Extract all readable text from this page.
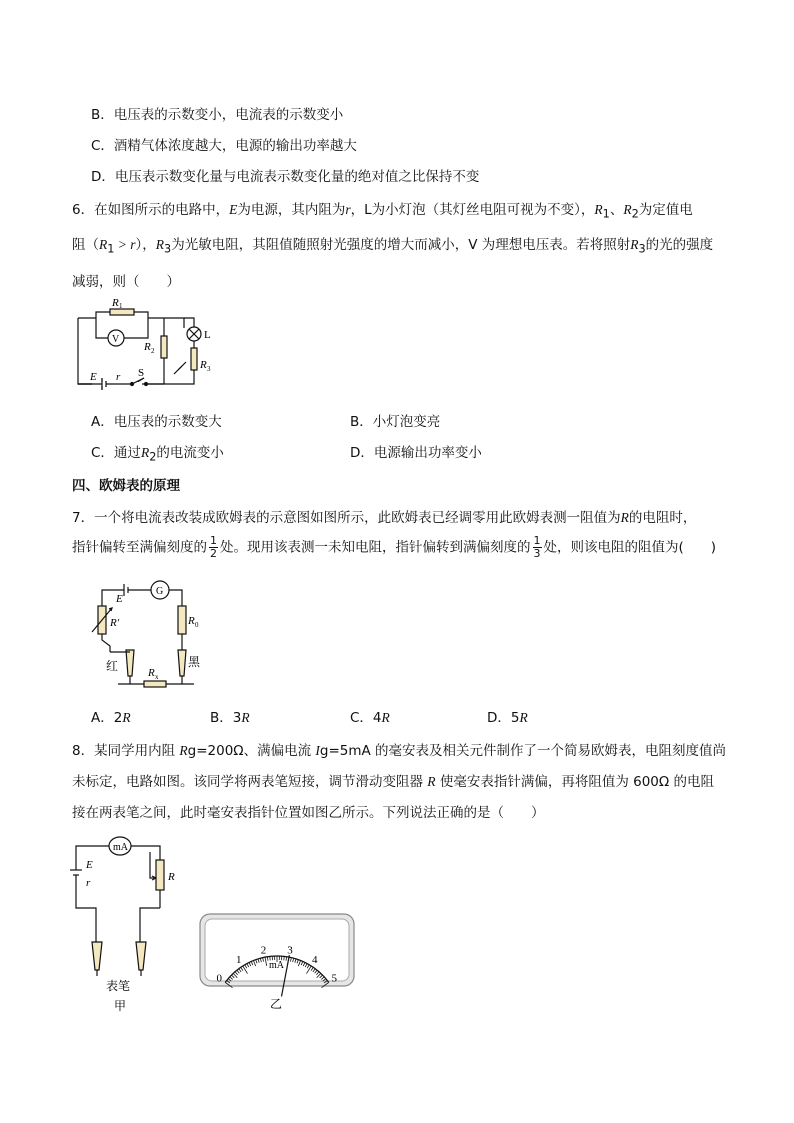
B．电压表的示数变小，电流表的示数变小
C．酒精气体浓度越大，电源的输出功率越大
D．电压表示数变化量与电流表示数变化量的绝对值之比保持不变
6．在如图所示的电路中，E为电源，其内阻为r，L为小灯泡（其灯丝电阻可视为不变），$R_1$、$R_2$为定值电
阻$(R_1 > r)$，$R_3$为光敏电阻，其阻值随照射光强度的增大而减小，V 为理想电压表。若将照射$R_3$的光的强度
减弱，则（　　）
R 1
V
R 2
L
R 3
E r S
A．电压表的示数变大	B．小灯泡变亮
C．通过$R_2$的电流变小	D．电源输出功率变小
四、欧姆表的原理
7．一个将电流表改装成欧姆表的示意图如图所示，此欧姆表已经调零用此欧姆表测一阻值为R的电阻时，
指针偏转至满偏刻度的 $\frac{1}{2}$ 处。现用该表测一未知电阻，指针偏转到满偏刻度的 $\frac{1}{3}$ 处，则该电阻的阻值为(　　)
E
G
R′	R 0
红	黑
R x
A．2R	B．3R	C．4R	D．5R
8．某同学用内阻 Rg=200Ω、满偏电流 Ig=5mA 的毫安表及相关元件制作了一个简易欧姆表，电阻刻度值尚
未标定，电路如图。该同学将两表笔短接，调节滑动变阻器 R 使毫安表指针满偏，再将阻值为 600Ω 的电阻
接在两表笔之间，此时毫安表指针位置如图乙所示。下列说法正确的是（　　）
mA
E
r	R
表笔
甲
0
1
2 3
4
5
mA
乙
